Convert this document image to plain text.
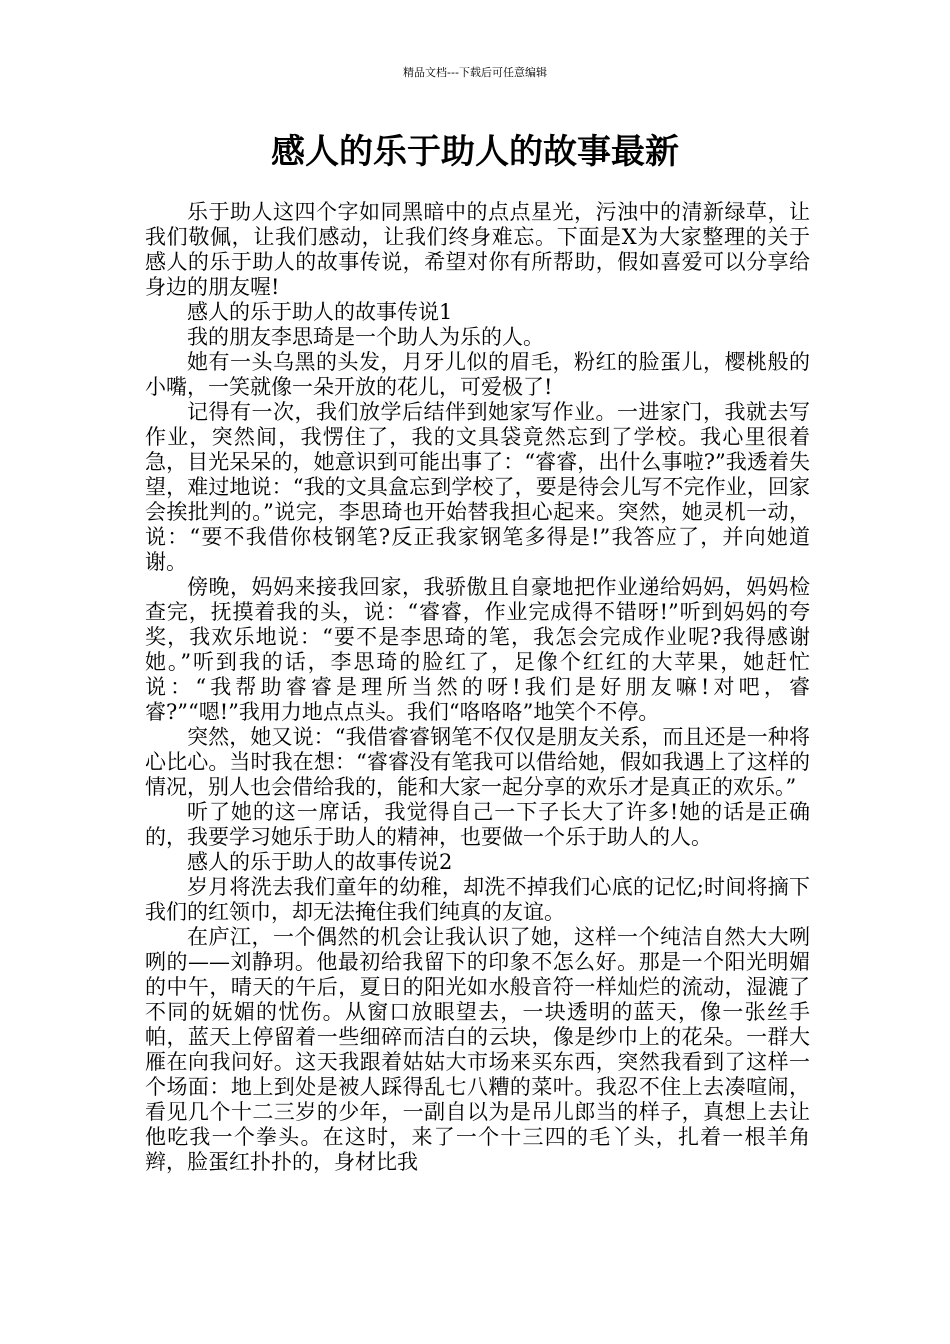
精品文档---下载后可任意编辑
感人的乐于助人的故事最新

乐于助人这四个字如同黑暗中的点点星光，污浊中的清新绿草，让我们敬佩，让我们感动，让我们终身难忘。下面是X为大家整理的关于感人的乐于助人的故事传说，希望对你有所帮助，假如喜爱可以分享给身边的朋友喔!

感人的乐于助人的故事传说1

我的朋友李思琦是一个助人为乐的人。

她有一头乌黑的头发，月牙儿似的眉毛，粉红的脸蛋儿，樱桃般的小嘴，一笑就像一朵开放的花儿，可爱极了!

记得有一次，我们放学后结伴到她家写作业。一进家门，我就去写作业，突然间，我愣住了，我的文具袋竟然忘到了学校。我心里很着急，目光呆呆的，她意识到可能出事了：“睿睿，出什么事啦?”我透着失望，难过地说：“我的文具盒忘到学校了，要是待会儿写不完作业，回家会挨批判的。”说完，李思琦也开始替我担心起来。突然，她灵机一动，说：“要不我借你枝钢笔?反正我家钢笔多得是!”我答应了，并向她道谢。

傍晚，妈妈来接我回家，我骄傲且自豪地把作业递给妈妈，妈妈检查完，抚摸着我的头，说：“睿睿，作业完成得不错呀!”听到妈妈的夸奖，我欢乐地说：“要不是李思琦的笔，我怎会完成作业呢?我得感谢她。”听到我的话，李思琦的脸红了，足像个红红的大苹果，她赶忙说：“我帮助睿睿是理所当然的呀!我们是好朋友嘛!对吧，睿睿?”“嗯!”我用力地点点头。我们“咯咯咯”地笑个不停。

突然，她又说：“我借睿睿钢笔不仅仅是朋友关系，而且还是一种将心比心。当时我在想：“睿睿没有笔我可以借给她，假如我遇上了这样的情况，别人也会借给我的，能和大家一起分享的欢乐才是真正的欢乐。”

听了她的这一席话，我觉得自己一下子长大了许多!她的话是正确的，我要学习她乐于助人的精神，也要做一个乐于助人的人。

感人的乐于助人的故事传说2

岁月将洗去我们童年的幼稚，却洗不掉我们心底的记忆;时间将摘下我们的红领巾，却无法掩住我们纯真的友谊。

在庐江，一个偶然的机会让我认识了她，这样一个纯洁自然大大咧咧的——刘静玥。他最初给我留下的印象不怎么好。那是一个阳光明媚的中午，晴天的午后，夏日的阳光如水般音符一样灿烂的流动，湿漉了不同的妩媚的忧伤。从窗口放眼望去，一块透明的蓝天，像一张丝手帕，蓝天上停留着一些细碎而洁白的云块，像是纱巾上的花朵。一群大雁在向我问好。这天我跟着姑姑大市场来买东西，突然我看到了这样一个场面：地上到处是被人踩得乱七八糟的菜叶。我忍不住上去凑喧闹，看见几个十二三岁的少年，一副自以为是吊儿郎当的样子，真想上去让他吃我一个拳头。在这时，来了一个十三四的毛丫头，扎着一根羊角辫，脸蛋红扑扑的，身材比我
